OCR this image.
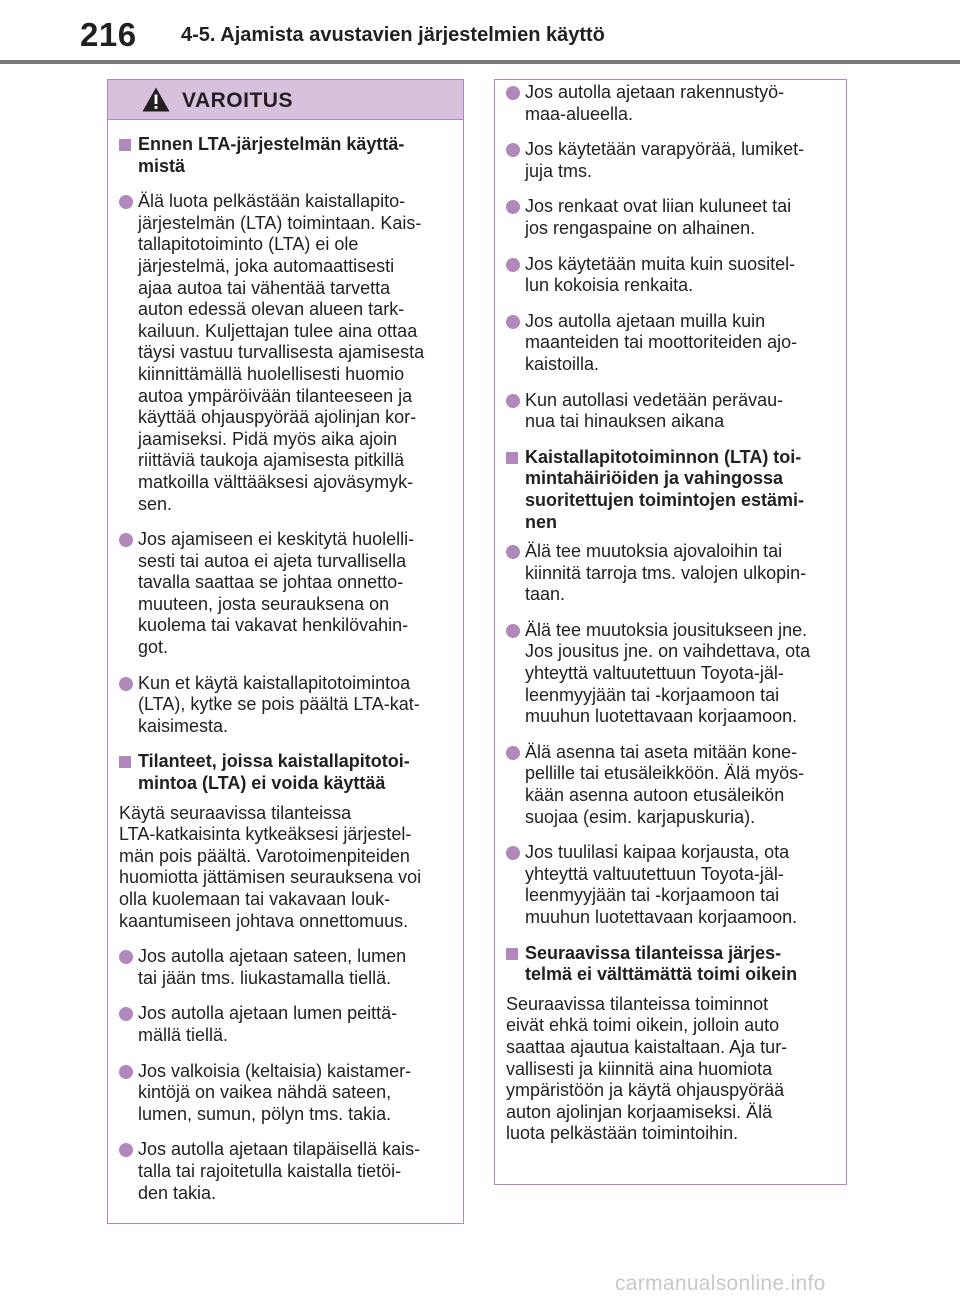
216 4-5. Ajamista avustavien järjestelmien käyttö
VAROITUS
Ennen LTA-järjestelmän käyttä-
mistä
Älä luota pelkästään kaistallapito-
järjestelmän (LTA) toimintaan. Kais-
tallapitotoiminto (LTA) ei ole
järjestelmä, joka automaattisesti
ajaa autoa tai vähentää tarvetta
auton edessä olevan alueen tark-
kailuun. Kuljettajan tulee aina ottaa
täysi vastuu turvallisesta ajamisesta
kiinnittämällä huolellisesti huomio
autoa ympäröivään tilanteeseen ja
käyttää ohjauspyörää ajolinjan kor-
jaamiseksi. Pidä myös aika ajoin
riittäviä taukoja ajamisesta pitkillä
matkoilla välttääksesi ajoväsymyk-
sen.
Jos ajamiseen ei keskitytä huolelli-
sesti tai autoa ei ajeta turvallisella
tavalla saattaa se johtaa onnetto-
muuteen, josta seurauksena on
kuolema tai vakavat henkilövahin-
got.
Kun et käytä kaistallapitotoimintoa
(LTA), kytke se pois päältä LTA-kat-
kaisimesta.
Tilanteet, joissa kaistallapitotoi-
mintoa (LTA) ei voida käyttää
Käytä seuraavissa tilanteissa
LTA-katkaisinta kytkeäksesi järjestel-
män pois päältä. Varotoimenpiteiden
huomiotta jättämisen seurauksena voi
olla kuolemaan tai vakavaan louk-
kaantumiseen johtava onnettomuus.
Jos autolla ajetaan sateen, lumen
tai jään tms. liukastamalla tiellä.
Jos autolla ajetaan lumen peittä-
mällä tiellä.
Jos valkoisia (keltaisia) kaistamer-
kintöjä on vaikea nähdä sateen,
lumen, sumun, pölyn tms. takia.
Jos autolla ajetaan tilapäisellä kais-
talla tai rajoitetulla kaistalla tietöi-
den takia.
Jos autolla ajetaan rakennustyö-
maa-alueella.
Jos käytetään varapyörää, lumiket-
juja tms.
Jos renkaat ovat liian kuluneet tai
jos rengaspaine on alhainen.
Jos käytetään muita kuin suositel-
lun kokoisia renkaita.
Jos autolla ajetaan muilla kuin
maanteiden tai moottoriteiden ajo-
kaistoilla.
Kun autollasi vedetään perävau-
nua tai hinauksen aikana
Kaistallapitotoiminnon (LTA) toi-
mintahäiriöiden ja vahingossa
suoritettujen toimintojen estämi-
nen
Älä tee muutoksia ajovaloihin tai
kiinnitä tarroja tms. valojen ulkopin-
taan.
Älä tee muutoksia jousitukseen jne.
Jos jousitus jne. on vaihdettava, ota
yhteyttä valtuutettuun Toyota-jäl-
leenmyyjään tai -korjaamoon tai
muuhun luotettavaan korjaamoon.
Älä asenna tai aseta mitään kone-
pellille tai etusäleikköön. Älä myös-
kään asenna autoon etusäleikön
suojaa (esim. karjapuskuria).
Jos tuulilasi kaipaa korjausta, ota
yhteyttä valtuutettuun Toyota-jäl-
leenmyyjään tai -korjaamoon tai
muuhun luotettavaan korjaamoon.
Seuraavissa tilanteissa järjes-
telmä ei välttämättä toimi oikein
Seuraavissa tilanteissa toiminnot
eivät ehkä toimi oikein, jolloin auto
saattaa ajautua kaistaltaan. Aja tur-
vallisesti ja kiinnitä aina huomiota
ympäristöön ja käytä ohjauspyörää
auton ajolinjan korjaamiseksi. Älä
luota pelkästään toimintoihin.
carmanualsonline.info
